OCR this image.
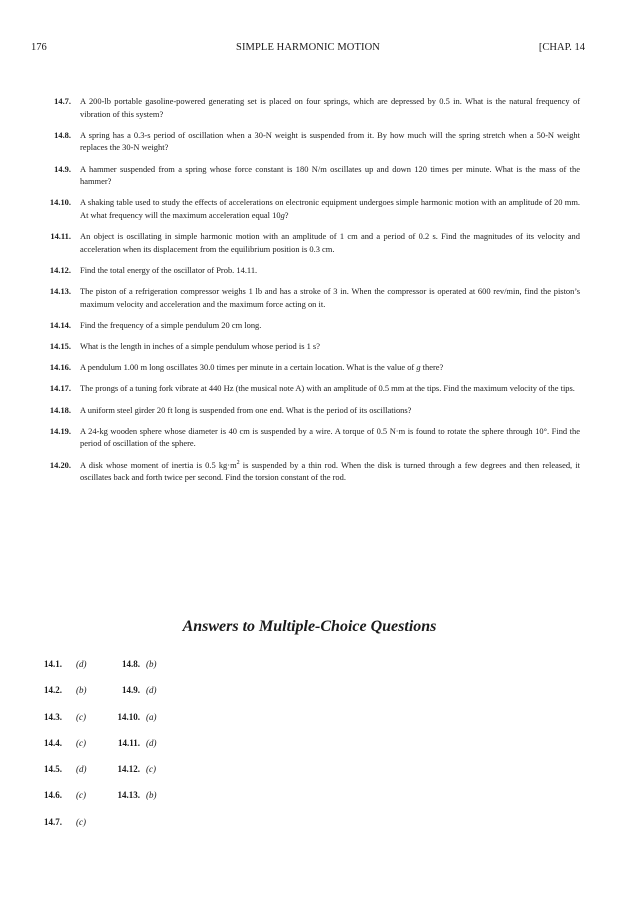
176	SIMPLE HARMONIC MOTION	[CHAP. 14
14.7. A 200-lb portable gasoline-powered generating set is placed on four springs, which are depressed by 0.5 in. What is the natural frequency of vibration of this system?
14.8. A spring has a 0.3-s period of oscillation when a 30-N weight is suspended from it. By how much will the spring stretch when a 50-N weight replaces the 30-N weight?
14.9. A hammer suspended from a spring whose force constant is 180 N/m oscillates up and down 120 times per minute. What is the mass of the hammer?
14.10. A shaking table used to study the effects of accelerations on electronic equipment undergoes simple harmonic motion with an amplitude of 20 mm. At what frequency will the maximum acceleration equal 10g?
14.11. An object is oscillating in simple harmonic motion with an amplitude of 1 cm and a period of 0.2 s. Find the magnitudes of its velocity and acceleration when its displacement from the equilibrium position is 0.3 cm.
14.12. Find the total energy of the oscillator of Prob. 14.11.
14.13. The piston of a refrigeration compressor weighs 1 lb and has a stroke of 3 in. When the compressor is operated at 600 rev/min, find the piston’s maximum velocity and acceleration and the maximum force acting on it.
14.14. Find the frequency of a simple pendulum 20 cm long.
14.15. What is the length in inches of a simple pendulum whose period is 1 s?
14.16. A pendulum 1.00 m long oscillates 30.0 times per minute in a certain location. What is the value of g there?
14.17. The prongs of a tuning fork vibrate at 440 Hz (the musical note A) with an amplitude of 0.5 mm at the tips. Find the maximum velocity of the tips.
14.18. A uniform steel girder 20 ft long is suspended from one end. What is the period of its oscillations?
14.19. A 24-kg wooden sphere whose diameter is 40 cm is suspended by a wire. A torque of 0.5 N·m is found to rotate the sphere through 10°. Find the period of oscillation of the sphere.
14.20. A disk whose moment of inertia is 0.5 $kg\cdot m^2$ is suspended by a thin rod. When the disk is turned through a few degrees and then released, it oscillates back and forth twice per second. Find the torsion constant of the rod.
Answers to Multiple-Choice Questions
14.1.	(d)	14.8. (b)
14.2.	(b)	14.9. (d)
14.3.	(c)	14.10. (a)
14.4.	(c)	14.11. (d)
14.5.	(d)	14.12. (c)
14.6.	(c)	14.13. (b)
14.7.	(c)
